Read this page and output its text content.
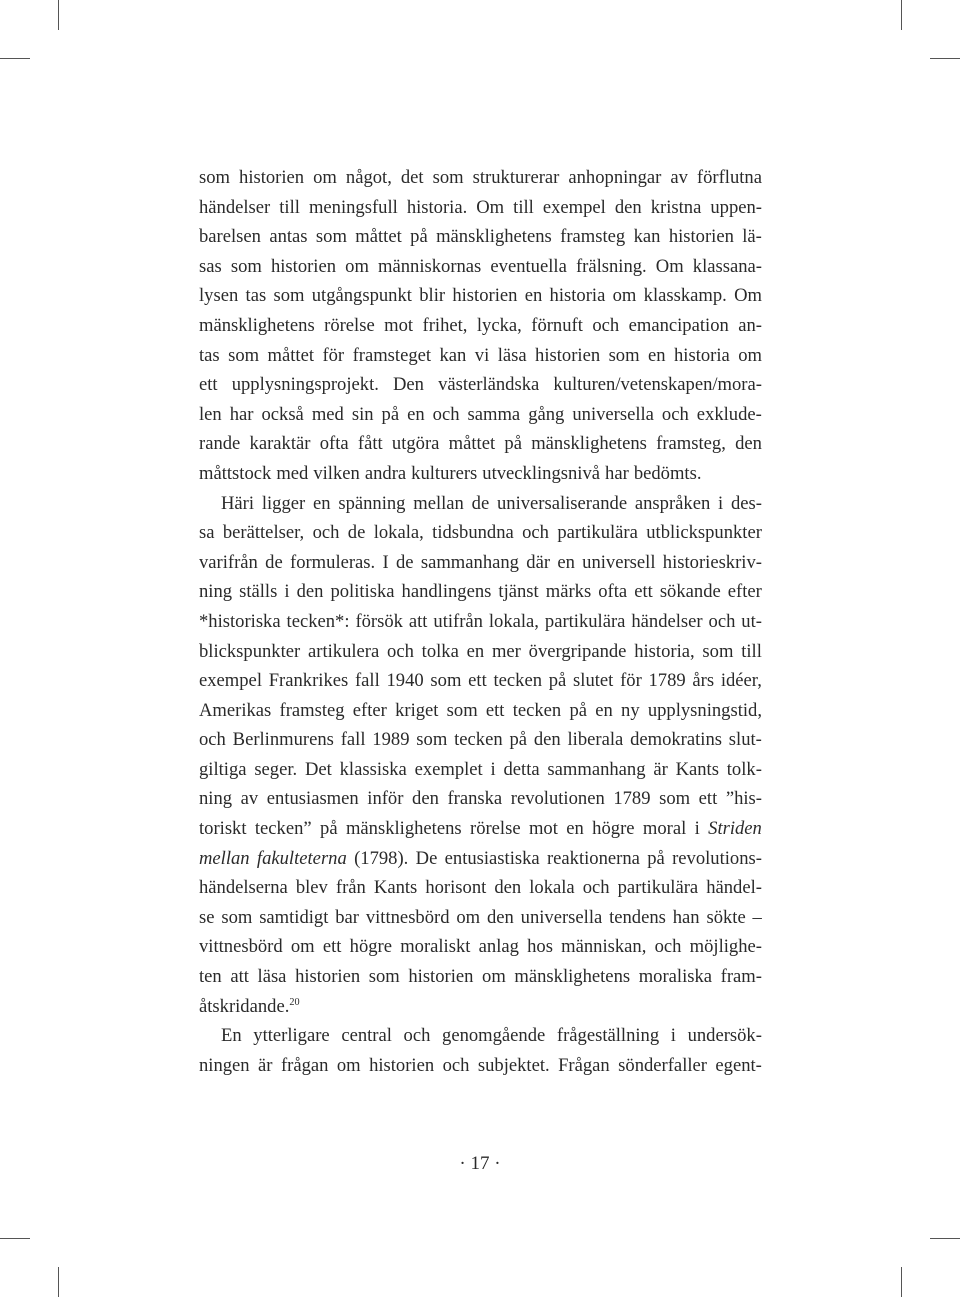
som historien om något, det som strukturerar anhopningar av förflutna
händelser till meningsfull historia. Om till exempel den kristna uppen-
barelsen antas som måttet på mänsklighetens framsteg kan historien lä-
sas som historien om människornas eventuella frälsning. Om klassana-
lysen tas som utgångspunkt blir historien en historia om klasskamp. Om
mänsklighetens rörelse mot frihet, lycka, förnuft och emancipation an-
tas som måttet för framsteget kan vi läsa historien som en historia om
ett upplysningsprojekt. Den västerländska kulturen/vetenskapen/mora-
len har också med sin på en och samma gång universella och exklude-
rande karaktär ofta fått utgöra måttet på mänsklighetens framsteg, den
måttstock med vilken andra kulturers utvecklingsnivå har bedömts.
Häri ligger en spänning mellan de universaliserande anspråken i des-
sa berättelser, och de lokala, tidsbundna och partikulära utblickspunkter
varifrån de formuleras. I de sammanhang där en universell historieskriv-
ning ställs i den politiska handlingens tjänst märks ofta ett sökande efter
*historiska tecken*: försök att utifrån lokala, partikulära händelser och ut-
blickspunkter artikulera och tolka en mer övergripande historia, som till
exempel Frankrikes fall 1940 som ett tecken på slutet för 1789 års idéer,
Amerikas framsteg efter kriget som ett tecken på en ny upplysningstid,
och Berlinmurens fall 1989 som tecken på den liberala demokratins slut-
giltiga seger. Det klassiska exemplet i detta sammanhang är Kants tolk-
ning av entusiasmen inför den franska revolutionen 1789 som ett ”his-
toriskt tecken” på mänsklighetens rörelse mot en högre moral i Striden
mellan fakulteterna (1798). De entusiastiska reaktionerna på revolutions-
händelserna blev från Kants horisont den lokala och partikulära händel-
se som samtidigt bar vittnesbörd om den universella tendens han sökte –
vittnesbörd om ett högre moraliskt anlag hos människan, och möjlighe-
ten att läsa historien som historien om mänsklighetens moraliska fram-
åtskridande.$^{20}$
En ytterligare central och genomgående frågeställning i undersök-
ningen är frågan om historien och subjektet. Frågan sönderfaller egent-
· 17 ·
